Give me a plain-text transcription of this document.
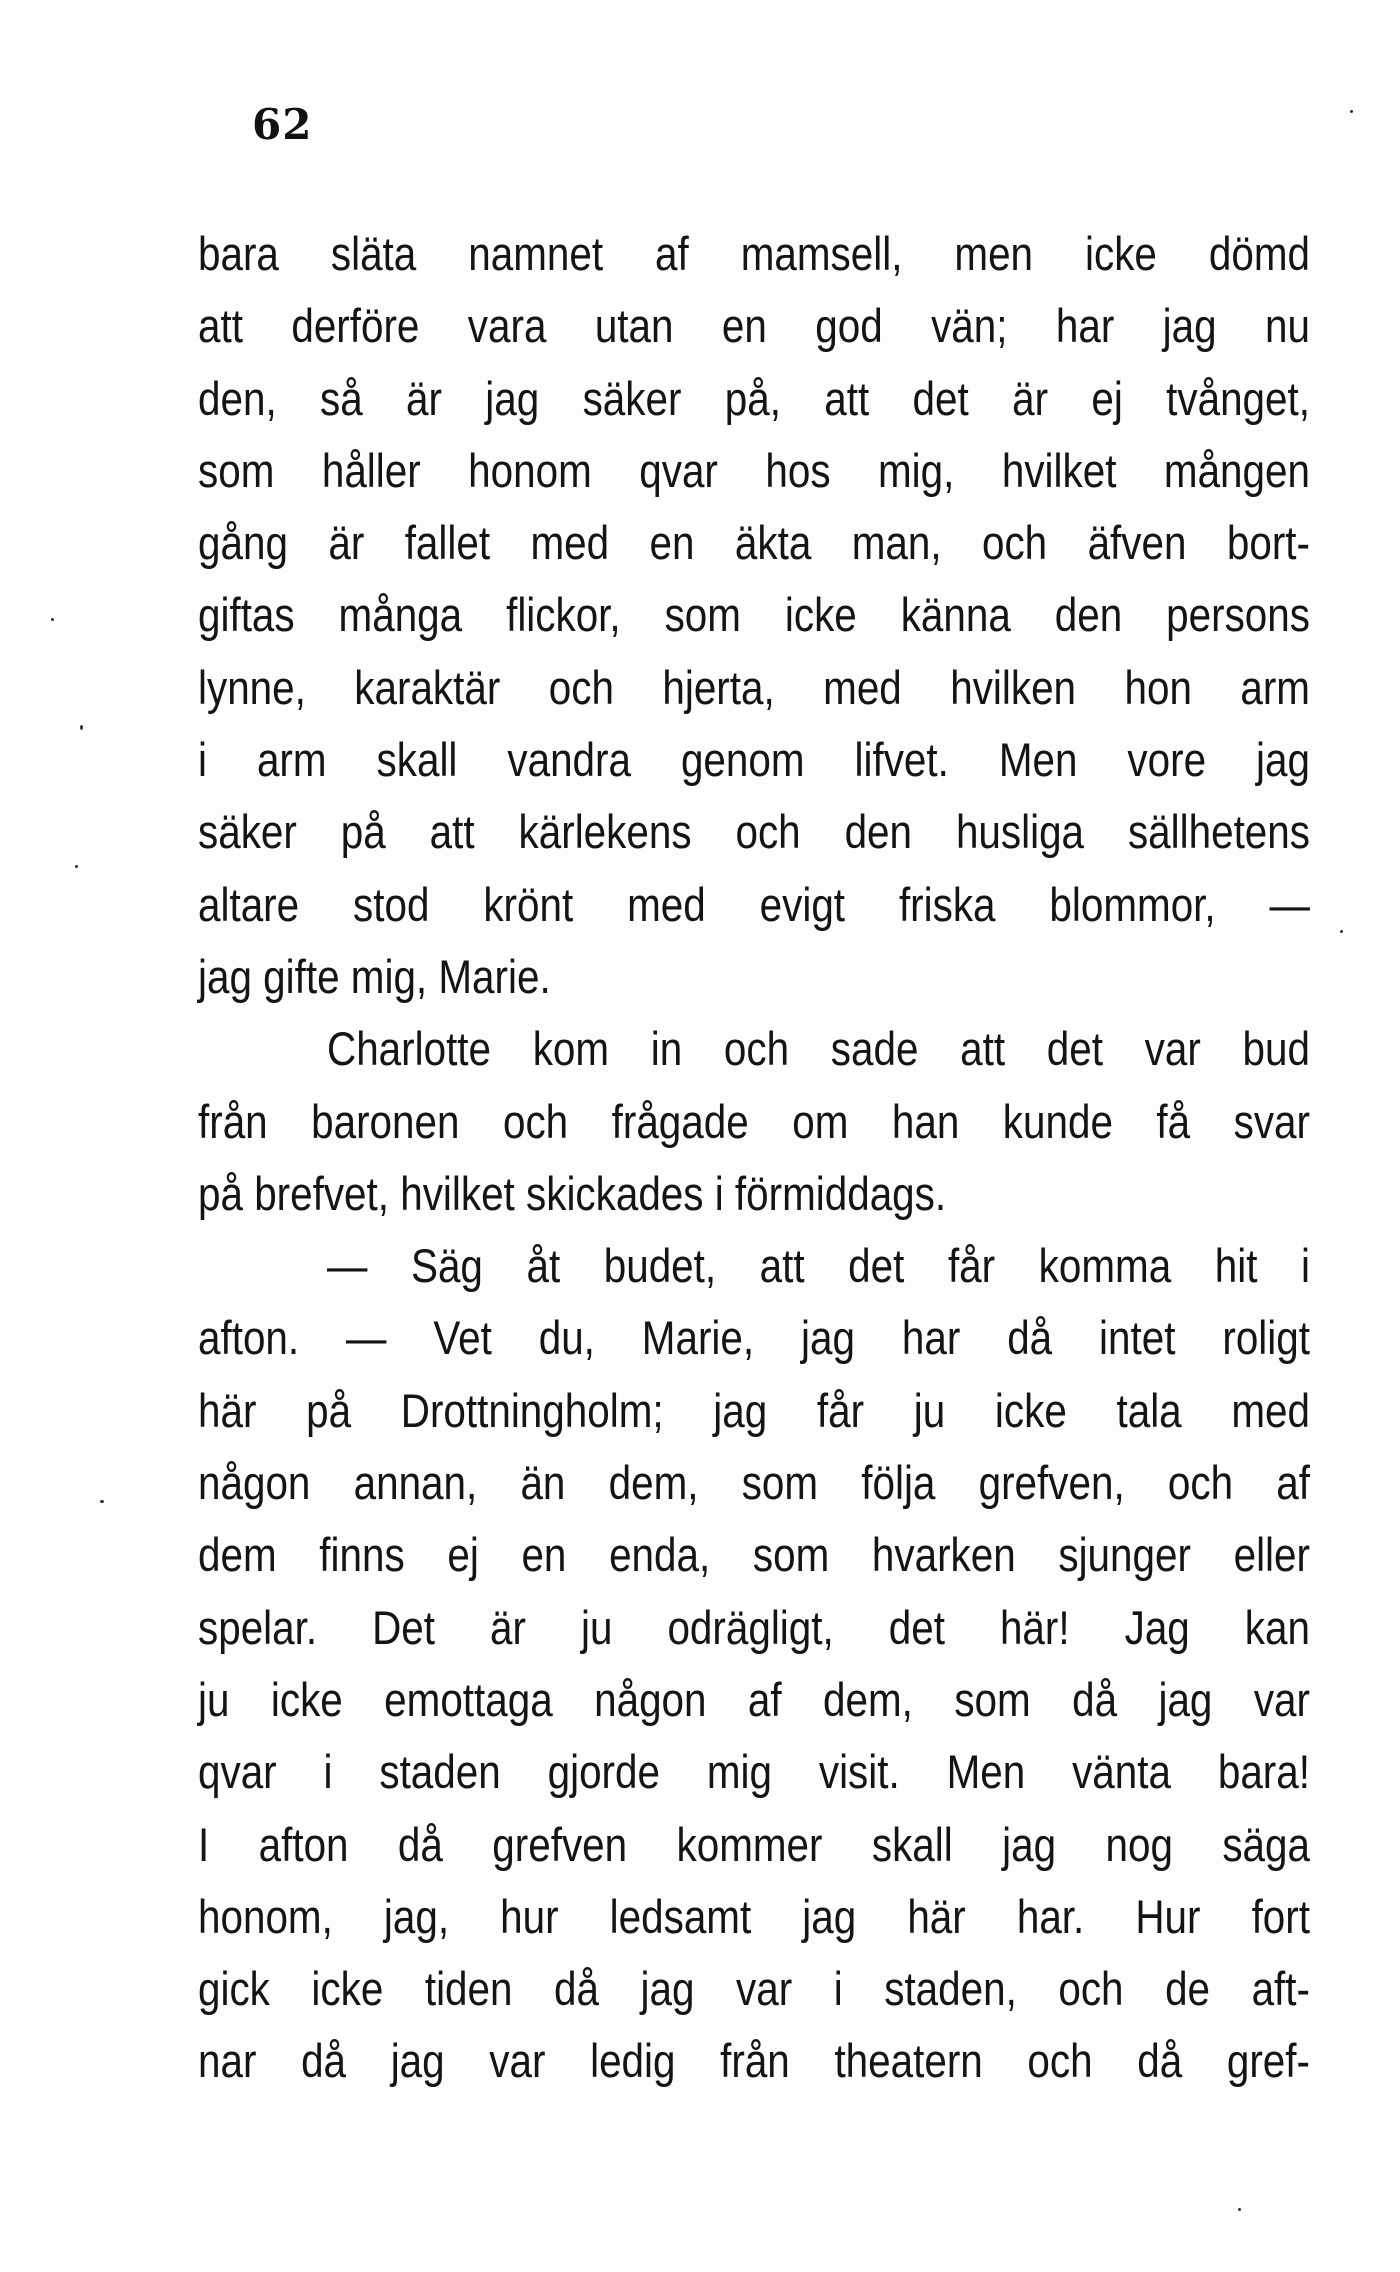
62
bara släta namnet af mamsell, men icke dömd
att derföre vara utan en god vän; har jag nu
den, så är jag säker på, att det är ej tvånget,
som håller honom qvar hos mig, hvilket mången
gång är fallet med en äkta man, och äfven bort-
giftas många flickor, som icke känna den persons
lynne, karaktär och hjerta, med hvilken hon arm
i arm skall vandra genom lifvet. Men vore jag
säker på att kärlekens och den husliga sällhetens
altare stod krönt med evigt friska blommor, —
jag gifte mig, Marie.
Charlotte kom in och sade att det var bud
från baronen och frågade om han kunde få svar
på brefvet, hvilket skickades i förmiddags.
— Säg åt budet, att det får komma hit i
afton. — Vet du, Marie, jag har då intet roligt
här på Drottningholm; jag får ju icke tala med
någon annan, än dem, som följa grefven, och af
dem finns ej en enda, som hvarken sjunger eller
spelar. Det är ju odrägligt, det här! Jag kan
ju icke emottaga någon af dem, som då jag var
qvar i staden gjorde mig visit. Men vänta bara!
I afton då grefven kommer skall jag nog säga
honom, jag, hur ledsamt jag här har. Hur fort
gick icke tiden då jag var i staden, och de aft-
nar då jag var ledig från theatern och då gref-
